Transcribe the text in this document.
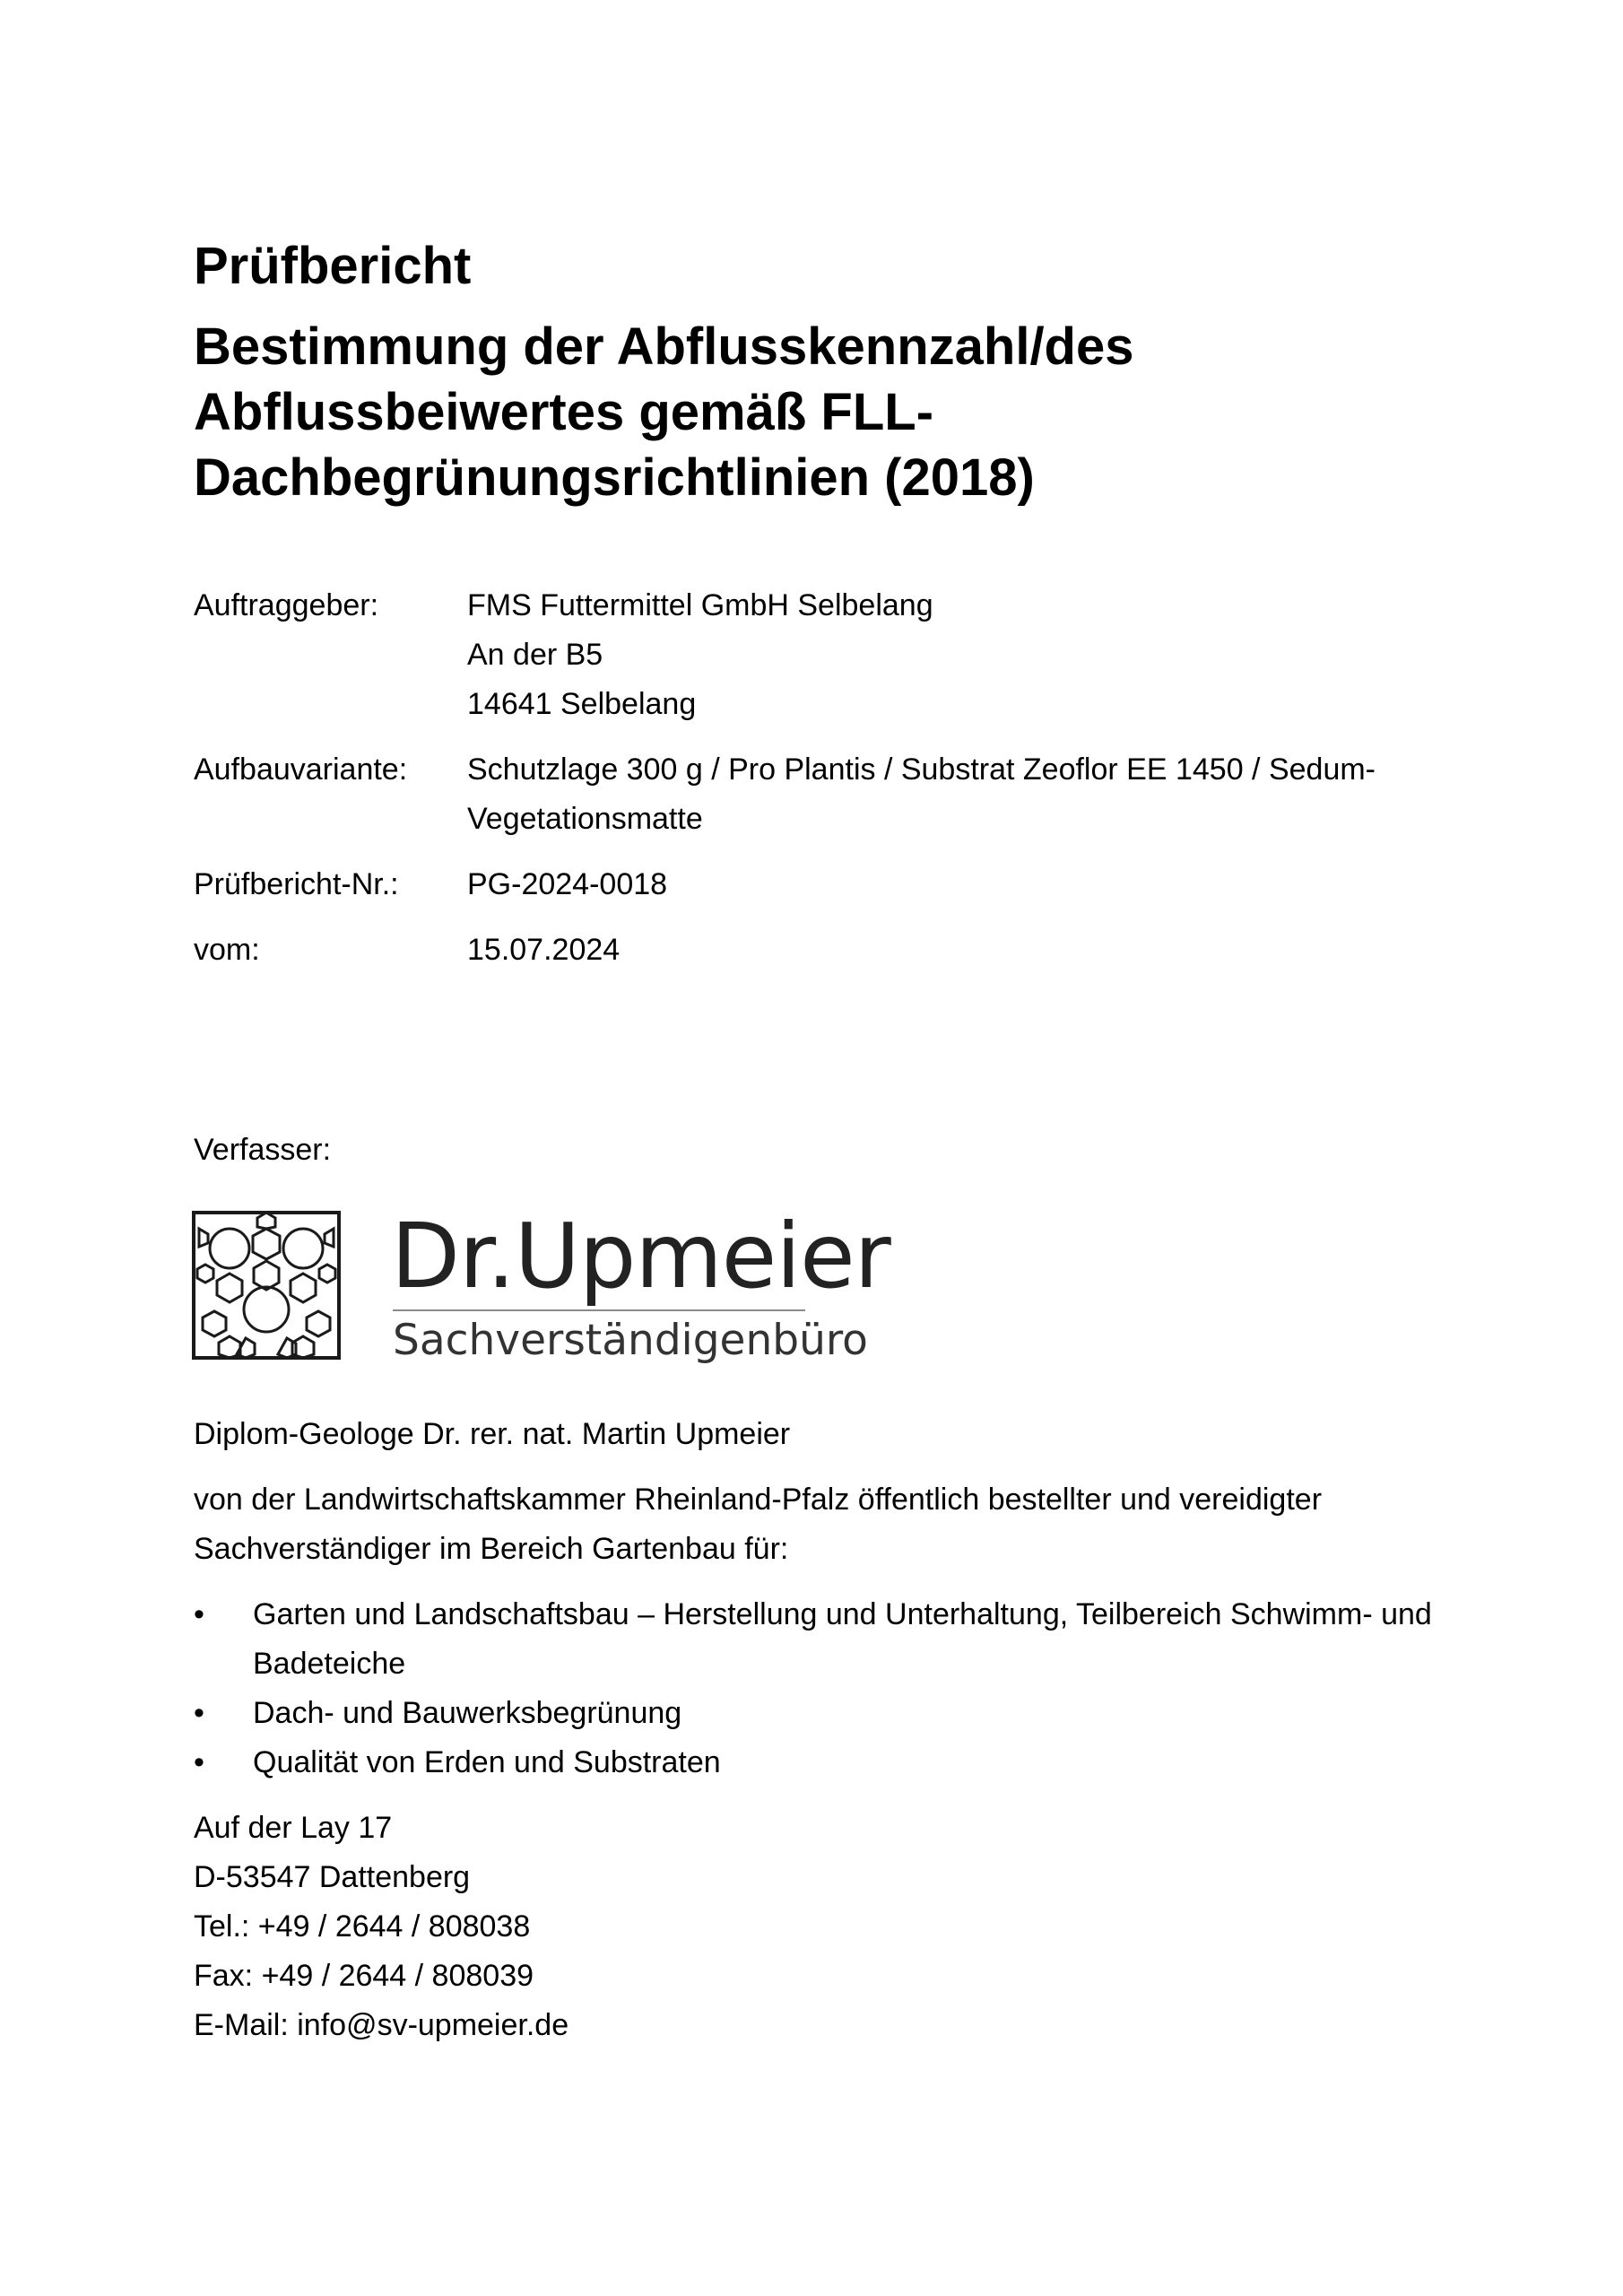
Prüfbericht
Bestimmung der Abflusskennzahl/des
Abflussbeiwertes gemäß FLL-
Dachbegrünungsrichtlinien (2018)
Auftraggeber:	FMS Futtermittel GmbH Selbelang
An der B5
14641 Selbelang
Aufbauvariante:	Schutzlage 300 g / Pro Plantis / Substrat Zeoflor EE 1450 / Sedum-
Vegetationsmatte
Prüfbericht-Nr.:	PG-2024-0018
vom:	15.07.2024
Verfasser:
Dr.Upmeier
Sachverständigenbüro

Diplom-Geologe Dr. rer. nat. Martin Upmeier

von der Landwirtschaftskammer Rheinland-Pfalz öffentlich bestellter und vereidigter
Sachverständiger im Bereich Gartenbau für:

• Garten und Landschaftsbau – Herstellung und Unterhaltung, Teilbereich Schwimm- und
Badeteiche
• Dach- und Bauwerksbegrünung
• Qualität von Erden und Substraten
Auf der Lay 17
D-53547 Dattenberg
Tel.: +49 / 2644 / 808038
Fax: +49 / 2644 / 808039
E-Mail: info@sv-upmeier.de
